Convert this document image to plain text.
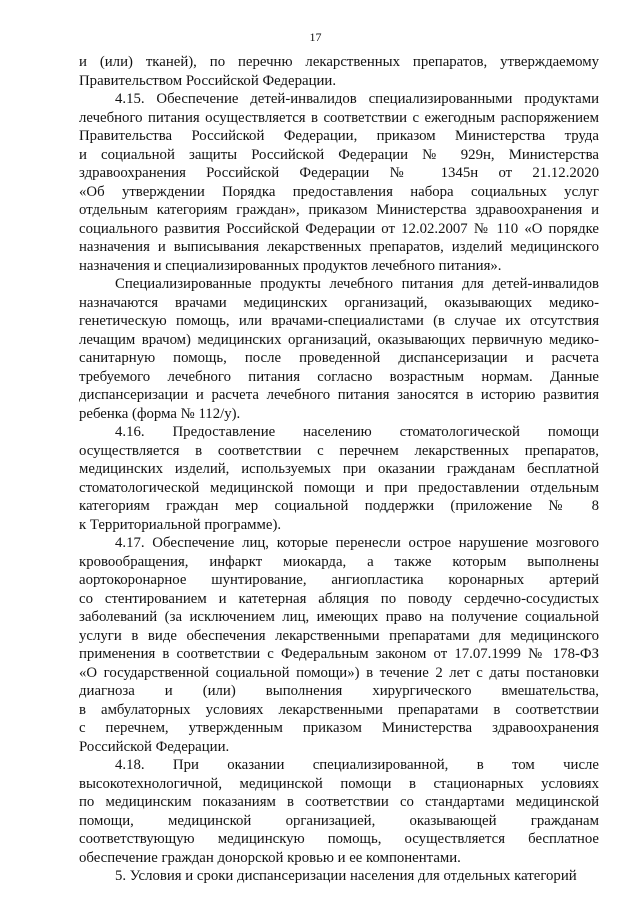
17
и (или) тканей), по перечню лекарственных препаратов, утверждаемому
Правительством Российской Федерации.
4.15. Обеспечение детей-инвалидов специализированными продуктами
лечебного питания осуществляется в соответствии с ежегодным распоряжением
Правительства Российской Федерации, приказом Министерства труда
и социальной защиты Российской Федерации № 929н, Министерства
здравоохранения Российской Федерации № 1345н от 21.12.2020
«Об утверждении Порядка предоставления набора социальных услуг
отдельным категориям граждан», приказом Министерства здравоохранения и
социального развития Российской Федерации от 12.02.2007 № 110 «О порядке
назначения и выписывания лекарственных препаратов, изделий медицинского
назначения и специализированных продуктов лечебного питания».
Специализированные продукты лечебного питания для детей-инвалидов
назначаются врачами медицинских организаций, оказывающих медико-
генетическую помощь, или врачами-специалистами (в случае их отсутствия
лечащим врачом) медицинских организаций, оказывающих первичную медико-
санитарную помощь, после проведенной диспансеризации и расчета
требуемого лечебного питания согласно возрастным нормам. Данные
диспансеризации и расчета лечебного питания заносятся в историю развития
ребенка (форма № 112/у).
4.16. Предоставление населению стоматологической помощи
осуществляется в соответствии с перечнем лекарственных препаратов,
медицинских изделий, используемых при оказании гражданам бесплатной
стоматологической медицинской помощи и при предоставлении отдельным
категориям граждан мер социальной поддержки (приложение № 8
к Территориальной программе).
4.17. Обеспечение лиц, которые перенесли острое нарушение мозгового
кровообращения, инфаркт миокарда, а также которым выполнены
аортокоронарное шунтирование, ангиопластика коронарных артерий
со стентированием и катетерная абляция по поводу сердечно-сосудистых
заболеваний (за исключением лиц, имеющих право на получение социальной
услуги в виде обеспечения лекарственными препаратами для медицинского
применения в соответствии с Федеральным законом от 17.07.1999 № 178-ФЗ
«О государственной социальной помощи») в течение 2 лет с даты постановки
диагноза и (или) выполнения хирургического вмешательства,
в амбулаторных условиях лекарственными препаратами в соответствии
с перечнем, утвержденным приказом Министерства здравоохранения
Российской Федерации.
4.18. При оказании специализированной, в том числе
высокотехнологичной, медицинской помощи в стационарных условиях
по медицинским показаниям в соответствии со стандартами медицинской
помощи, медицинской организацией, оказывающей гражданам
соответствующую медицинскую помощь, осуществляется бесплатное
обеспечение граждан донорской кровью и ее компонентами.
5. Условия и сроки диспансеризации населения для отдельных категорий
